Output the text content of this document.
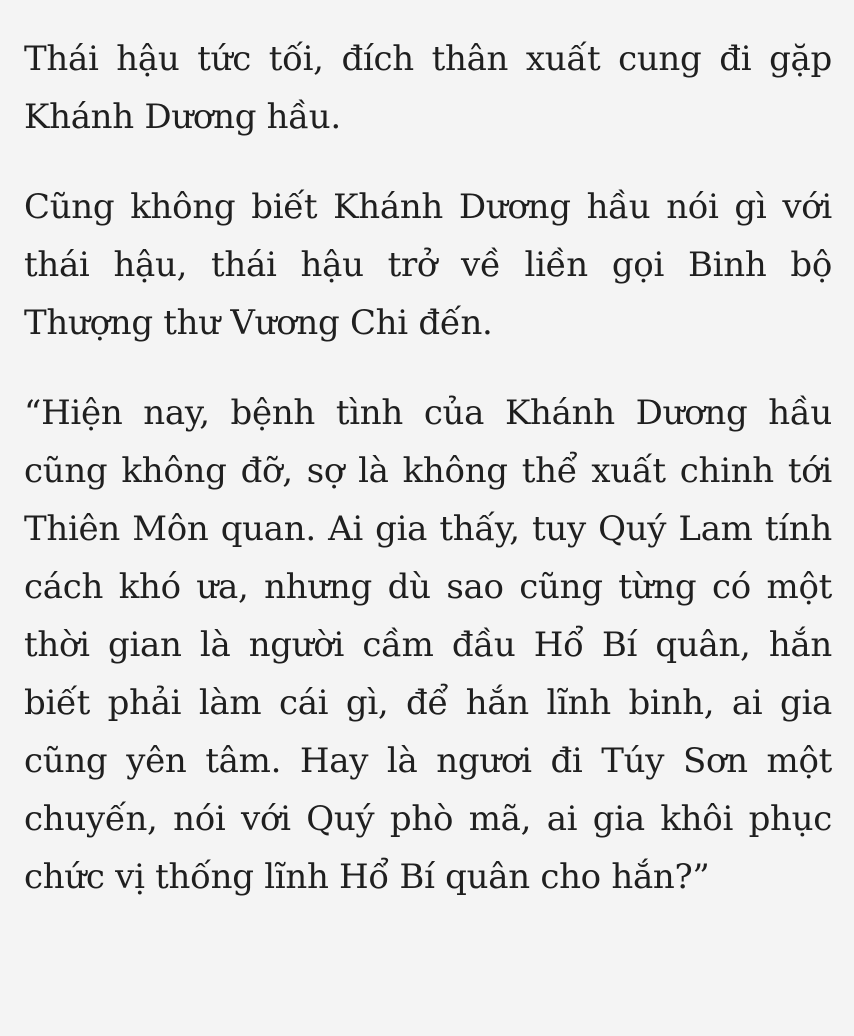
Thái hậu tức tối, đích thân xuất cung đi gặp Khánh Dương hầu.

Cũng không biết Khánh Dương hầu nói gì với thái hậu, thái hậu trở về liền gọi Binh bộ Thượng thư Vương Chi đến.

“Hiện nay, bệnh tình của Khánh Dương hầu cũng không đỡ, sợ là không thể xuất chinh tới Thiên Môn quan. Ai gia thấy, tuy Quý Lam tính cách khó ưa, nhưng dù sao cũng từng có một thời gian là người cầm đầu Hổ Bí quân, hắn biết phải làm cái gì, để hắn lĩnh binh, ai gia cũng yên tâm. Hay là ngươi đi Túy Sơn một chuyến, nói với Quý phò mã, ai gia khôi phục chức vị thống lĩnh Hổ Bí quân cho hắn?”
